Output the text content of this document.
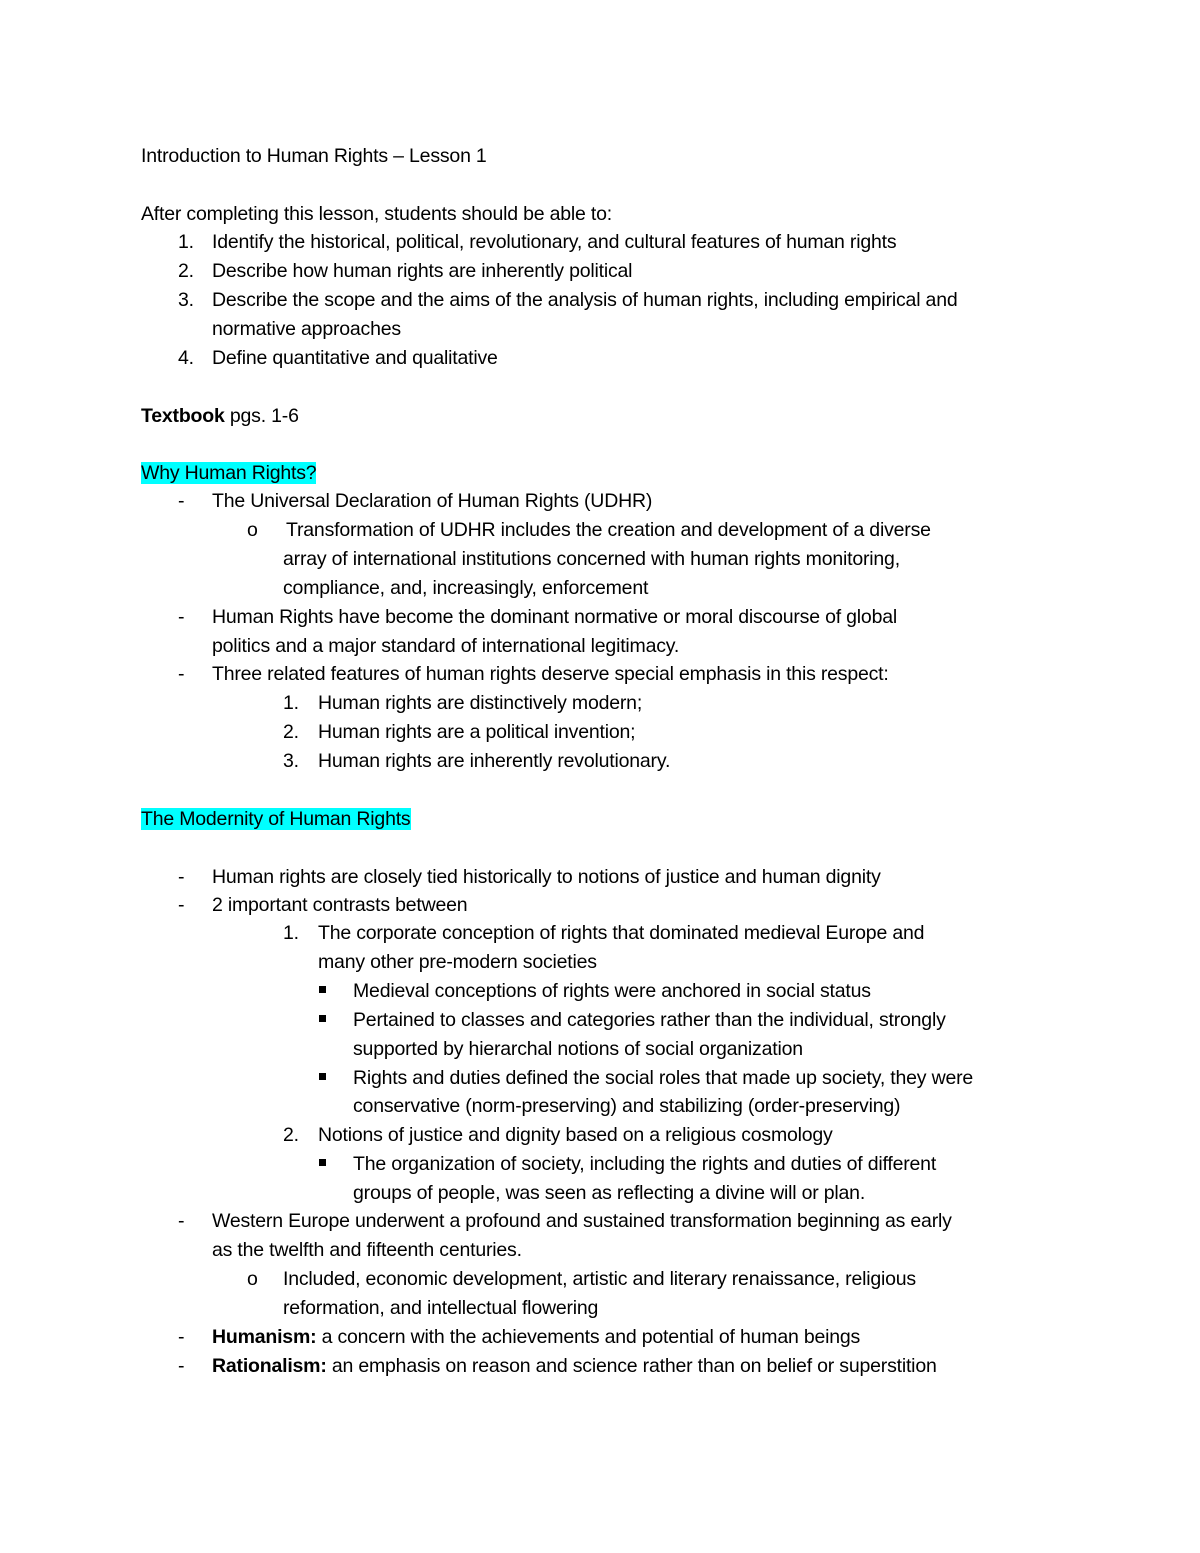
Introduction to Human Rights – Lesson 1
After completing this lesson, students should be able to:
1. Identify the historical, political, revolutionary, and cultural features of human rights
2. Describe how human rights are inherently political
3. Describe the scope and the aims of the analysis of human rights, including empirical and
normative approaches
4. Define quantitative and qualitative
Textbook pgs. 1-6
Why Human Rights?
- The Universal Declaration of Human Rights (UDHR)
o Transformation of UDHR includes the creation and development of a diverse
array of international institutions concerned with human rights monitoring,
compliance, and, increasingly, enforcement
- Human Rights have become the dominant normative or moral discourse of global
politics and a major standard of international legitimacy.
- Three related features of human rights deserve special emphasis in this respect:
1. Human rights are distinctively modern;
2. Human rights are a political invention;
3. Human rights are inherently revolutionary.
The Modernity of Human Rights
- Human rights are closely tied historically to notions of justice and human dignity
- 2 important contrasts between
1. The corporate conception of rights that dominated medieval Europe and
many other pre-modern societies
Medieval conceptions of rights were anchored in social status
Pertained to classes and categories rather than the individual, strongly
supported by hierarchal notions of social organization
Rights and duties defined the social roles that made up society, they were
conservative (norm-preserving) and stabilizing (order-preserving)
2. Notions of justice and dignity based on a religious cosmology
The organization of society, including the rights and duties of different
groups of people, was seen as reflecting a divine will or plan.
- Western Europe underwent a profound and sustained transformation beginning as early
as the twelfth and fifteenth centuries.
o Included, economic development, artistic and literary renaissance, religious
reformation, and intellectual flowering
- Humanism: a concern with the achievements and potential of human beings
- Rationalism: an emphasis on reason and science rather than on belief or superstition
